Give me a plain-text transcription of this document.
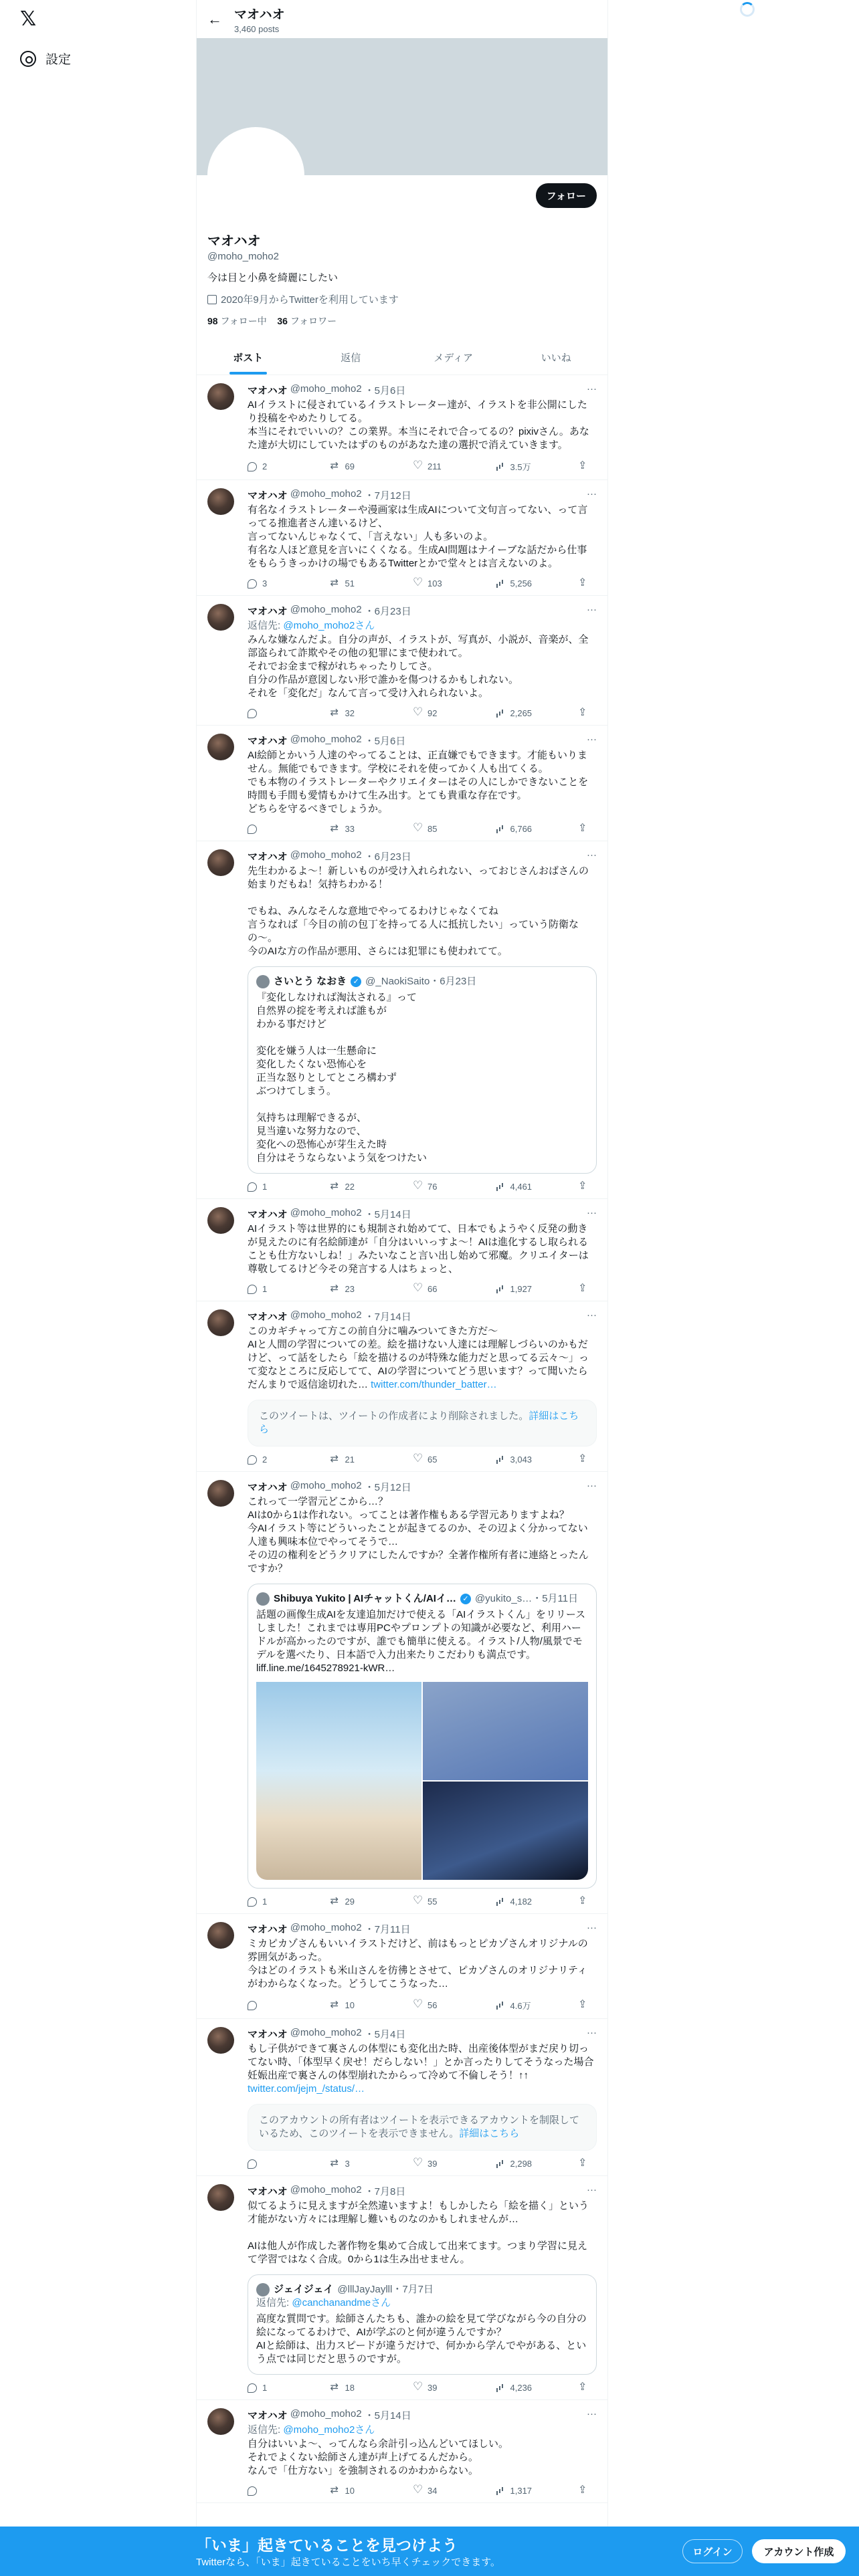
𝕏
設定
← マオハオ
3,460 posts
フォロー
マオハオ
@moho_moho2
今は目と小鼻を綺麗にしたい
2020年9月からTwitterを利用しています
98 フォロー中 36 フォロワー
ポスト	返信	メディア	いいね
···
マオハオ @moho_moho2 ・5月6日
AIイラストに侵されているイラストレーター達が、イラストを非公開にしたり投稿をやめたりしてる。
本当にそれでいいの？この業界。本当にそれで合ってるの？pixivさん。あなた達が大切にしていたはずのものがあなた達の選択で消えていきます。
2 ⇄	69 ♡	211	3.5万
⇪
···
マオハオ @moho_moho2 ・7月12日
有名なイラストレーターや漫画家は生成AIについて文句言ってない、って言ってる推進者さん達いるけど、
言ってないんじゃなくて、「言えない」人も多いのよ。
有名な人ほど意見を言いにくくなる。生成AI問題はナイーブな話だから仕事をもらうきっかけの場でもあるTwitterとかで堂々とは言えないのよ。
3 ⇄	51 ♡	103	5,256
⇪
···
マオハオ @moho_moho2 ・6月23日
返信先: @moho_moho2さん
みんな嫌なんだよ。自分の声が、イラストが、写真が、小説が、音楽が、全部盗られて詐欺やその他の犯罪にまで使われて。
それでお金まで稼がれちゃったりしてさ。
自分の作品が意図しない形で誰かを傷つけるかもしれない。
それを「変化だ」なんて言って受け入れられないよ。
⇄
32 ♡	92	2,265
⇪
···
マオハオ @moho_moho2 ・5月6日
AI絵師とかいう人達のやってることは、正直嫌でもできます。才能もいりません。無能でもできます。学校にそれを使ってかく人も出てくる。
でも本物のイラストレーターやクリエイターはその人にしかできないことを時間も手間も愛情もかけて生み出す。とても貴重な存在です。
どちらを守るべきでしょうか。
⇄
33 ♡	85	6,766
⇪
···
マオハオ @moho_moho2 ・6月23日
先生わかるよ〜！新しいものが受け入れられない、っておじさんおばさんの始まりだもね！気持ちわかる！

でもね、みんなそんな意地でやってるわけじゃなくてね
言うなれば「今目の前の包丁を持ってる人に抵抗したい」っていう防衛なの〜。
今のAIな方の作品が悪用、さらには犯罪にも使われてて。
さいとう なおき ✓ @_NaokiSaito・6月23日
『変化しなければ淘汰される』って
自然界の掟を考えれば誰もが
わかる事だけど

変化を嫌う人は一生懸命に
変化したくない恐怖心を
正当な怒りとしてところ構わず
ぶつけてしまう。

気持ちは理解できるが、
見当違いな努力なので、
変化への恐怖心が芽生えた時
自分はそうならないよう気をつけたい
1 ⇄	22 ♡	76	4,461
⇪
···
マオハオ @moho_moho2 ・5月14日
AIイラスト等は世界的にも規制され始めてて、日本でもようやく反発の動きが見えたのに有名絵師達が「自分はいいっすよ〜！AIは進化するし取られることも仕方ないしね！」みたいなこと言い出し始めて邪魔。クリエイターは尊敬してるけど今その発言する人はちょっと、
1 ⇄	23 ♡	66	1,927
⇪
···
マオハオ @moho_moho2 ・7月14日
このカギチャって方この前自分に噛みついてきた方だ〜
AIと人間の学習についての差。絵を描けない人達には理解しづらいのかもだけど、って話をしたら「絵を描けるのが特殊な能力だと思ってる云々〜」って変なところに反応してて、AIの学習についてどう思います？って聞いたらだんまりで返信途切れた… twitter.com/thunder_batter…
このツイートは、ツイートの作成者により削除されました。詳細はこちら
2 ⇄	21 ♡	65	3,043
⇪
···
マオハオ @moho_moho2 ・5月12日
これって一学習元どこから…？
AIは0から1は作れない。ってことは著作権もある学習元ありますよね？
今AIイラスト等にどういったことが起きてるのか、その辺よく分かってない人達も興味本位でやってそうで…
その辺の権利をどうクリアにしたんですか？全著作権所有者に連絡とったんですか？
Shibuya Yukito | AIチャットくん/AIイ… ✓ @yukito_s…・5月11日
話題の画像生成AIを友達追加だけで使える「AIイラストくん」をリリースしました！これまでは専用PCやプロンプトの知識が必要など、利用ハードルが高かったのですが、誰でも簡単に使える。イラスト/人物/風景でモデルを選べたり、日本語で入力出来たりこだわりも満点です。
liff.line.me/1645278921-kWR…
1 ⇄	29 ♡	55	4,182
⇪
···
マオハオ @moho_moho2 ・7月11日
ミカピカゾさんもいいイラストだけど、前はもっとピカゾさんオリジナルの雰囲気があった。
今はどのイラストも米山さんを彷彿とさせて、ピカゾさんのオリジナリティがわからなくなった。どうしてこうなった…
⇄
10 ♡	56	4.6万
⇪
···
マオハオ @moho_moho2 ・5月4日
もし子供ができて裏さんの体型にも変化出た時、出産後体型がまだ戻り切ってない時、「体型早く戻せ！だらしない！」とか言ったりしてそうなった場合妊娠出産で裏さんの体型崩れたからって冷めて不倫しそう！↑↑ twitter.com/jejm_/status/…
このアカウントの所有者はツイートを表示できるアカウントを制限しているため、このツイートを表示できません。詳細はこちら
⇄
3 ♡	39	2,298
⇪
···
マオハオ @moho_moho2 ・7月8日
似てるように見えますが全然違いますよ！もしかしたら「絵を描く」という才能がない方々には理解し難いものなのかもしれませんが…

AIは他人が作成した著作物を集めて合成して出来てます。つまり学習に見えて学習ではなく合成。0から1は生み出せません。
ジェイジェイ @lllJayJaylll・7月7日
返信先: @canchanandmeさん
高度な質問です。絵師さんたちも、誰かの絵を見て学びながら今の自分の絵になってるわけで、AIが学ぶのと何が違うんですか？
AIと絵師は、出力スピードが違うだけで、何かから学んでやがある、という点では同じだと思うのですが。
1 ⇄	18 ♡	39	4,236
⇪
···
マオハオ @moho_moho2 ・5月14日
返信先: @moho_moho2さん
自分はいいよ〜、ってんなら余計引っ込んどいてほしい。
それでよくない絵師さん達が声上げてるんだから。
なんで「仕方ない」を強制されるのかわからない。
⇄
10 ♡	34	1,317
⇪
「いま」起きていることを見つけよう
Twitterなら、「いま」起きていることをいち早くチェックできます。
ログイン	アカウント作成
